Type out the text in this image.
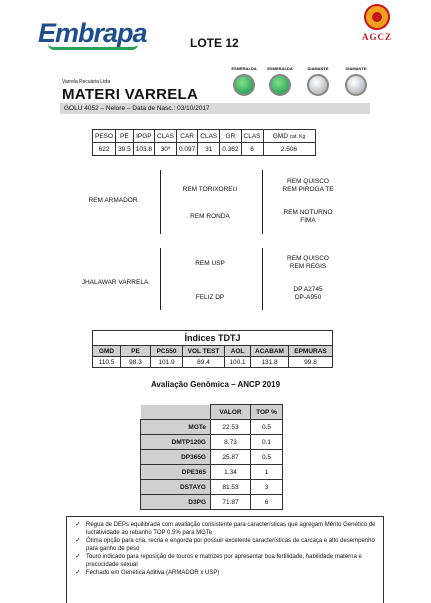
Embrapa	LOTE 12	AGCZ
ESMERALDA	ESMERALDA	DIAMANTE	DIAMANTE
Varrela Pecuária Ltda
MATERI VARRELA
GOLU 4052 – Nelore – Data de Nasc.: 03/10/2017
PESO	PE	IPGP	CLAS	CAR	CLAS	GR	CLAS	GMD cat. Kg
622	39.5	103.8	30*	0.097	31	0.362	6	2.506
REM ARMADOR
REM TORIXOREU
REM RONDA
REM QUISCO
REM PIROGA TE
REM NOTURNO
FIMA
JHALAWAR VARRELA
REM USP
FELIZ DP
REM QUISCO
REM REGIS
DP A2745
DP-A950
Índices TDTJ						
GMD	PE	PC550	VOL TEST	AOL	ACABAM	EPMURAS
110.5	98.3	101.9	89.4	100.1	131.8	99.8
Avaliação Genômica – ANCP 2019
	VALOR	TOP %
MGTe	22.53	0.5
DMTP120G	8.73	0.1
DP365G	25.87	0.5
DPE365	1.34	1
DSTAYG	81.53	3
D3PG	71.87	6
✓ Régua de DEPs equilibrada com avaliação consistente para características que agregam Mérito Genético de lucratividade ao rebanho TOP 0.5% para MGTe
✓ Ótima opção para cria, recria e engorda por possuir excelente características de carcaça e alto desempenho para ganho de peso
✓ Touro indicado para reposição de touros e matrizes por apresentar boa fertilidade, habilidade materna e precocidade sexual
✓ Fechado em Genética Aditiva (ARMADOR x USP)
